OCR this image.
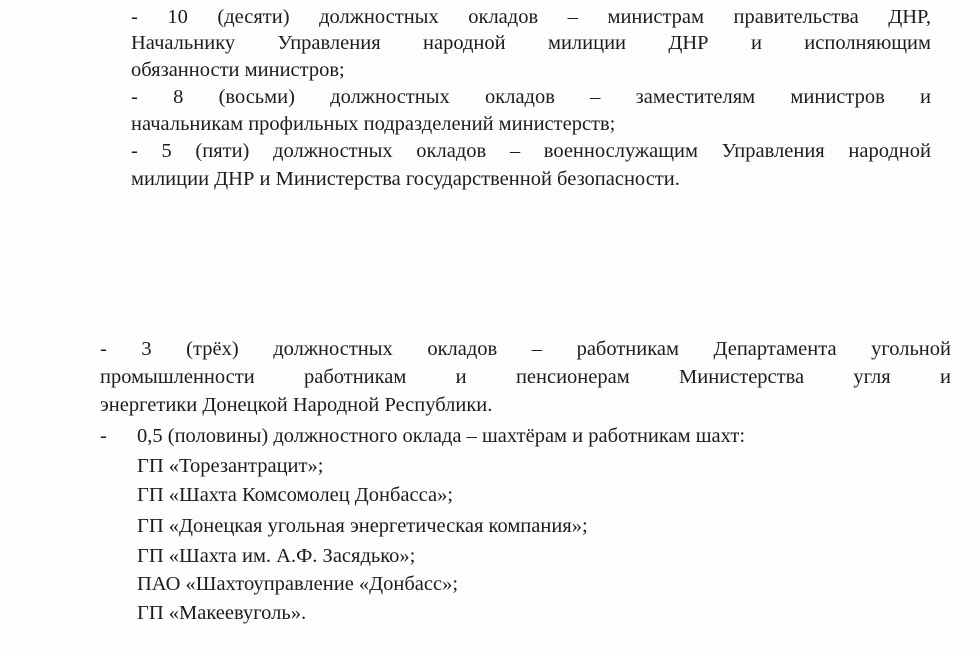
- 10 (десяти) должностных окладов – министрам правительства ДНР,
Начальнику Управления народной милиции ДНР и исполняющим
обязанности министров;
- 8 (восьми) должностных окладов – заместителям министров и
начальникам профильных подразделений министерств;
- 5 (пяти) должностных окладов – военнослужащим Управления народной
милиции ДНР и Министерства государственной безопасности.
- 3 (трёх) должностных окладов – работникам Департамента угольной
промышленности работникам и пенсионерам Министерства угля и
энергетики Донецкой Народной Республики.
- 0,5 (половины) должностного оклада – шахтёрам и работникам шахт:
ГП «Торезантрацит»;
ГП «Шахта Комсомолец Донбасса»;
ГП «Донецкая угольная энергетическая компания»;
ГП «Шахта им. А.Ф. Засядько»;
ПАО «Шахтоуправление «Донбасс»;
ГП «Макеевуголь».
